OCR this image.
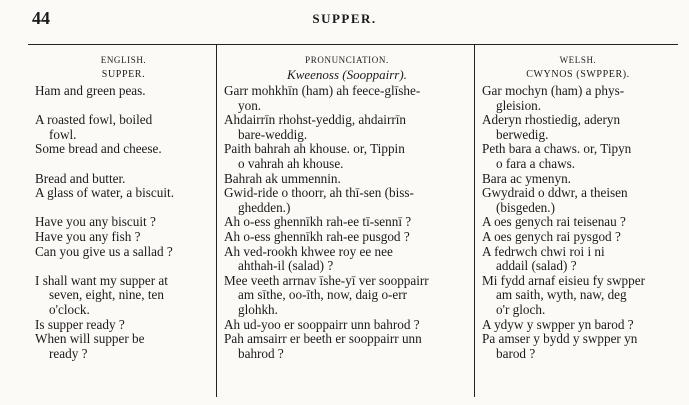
44	SUPPER.
ENGLISH.
SUPPER.
Ham and green peas.
A roasted fowl, boiled
fowl.
Some bread and cheese.
Bread and butter.
A glass of water, a biscuit.
Have you any biscuit ?
Have you any fish ?
Can you give us a sallad ?
I shall want my supper at
seven, eight, nine, ten
o'clock.
Is supper ready ?
When will supper be
ready ?
PRONUNCIATION.
Kweenoss (Sooppairr).
Garr mohkhīn (ham) ah feece-glīshe-
yon.
Ahdairrīn rhohst-yeddig, ahdairrīn
bare-weddig.
Paith bahrah ah khouse. or, Tippin
o vahrah ah khouse.
Bahrah ak ummennin.
Gwid-ride o thoorr, ah thī-sen (biss-
ghedden.)
Ah o-ess ghennīkh rah-ee tī-sennī ?
Ah o-ess ghennīkh rah-ee pusgod ?
Ah ved-rookh khwee roy ee nee
ahthah-il (salad) ?
Mee veeth arrnav īshe-yī ver sooppairr
am sīthe, oo-īth, now, daig o-err
glohkh.
Ah ud-yoo er sooppairr unn bahrod ?
Pah amsairr er beeth er sooppairr unn
bahrod ?
WELSH.
CWYNOS (SWPPER).
Gar mochyn (ham) a phys-
gleision.
Aderyn rhostiedig, aderyn
berwedig.
Peth bara a chaws. or, Tipyn
o fara a chaws.
Bara ac ymenyn.
Gwydraid o ddwr, a theisen
(bisgeden.)
A oes genych rai teisenau ?
A oes genych rai pysgod ?
A fedrwch chwi roi i ni
addail (salad) ?
Mi fydd arnaf eisieu fy swpper
am saith, wyth, naw, deg
o'r gloch.
A ydyw y swpper yn barod ?
Pa amser y bydd y swpper yn
barod ?
